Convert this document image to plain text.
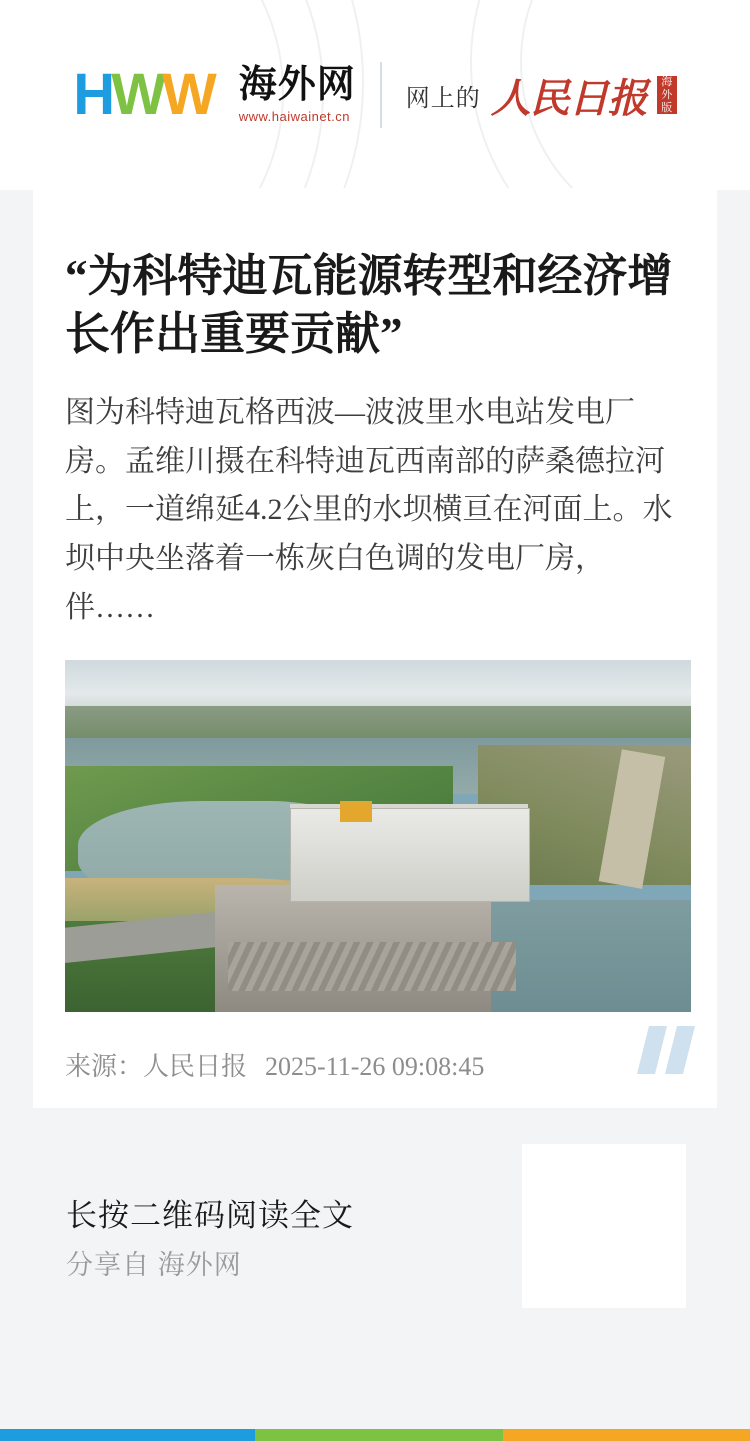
H W W 海外网
www.haiwainet.cn
网上的 人民日报 海
外
版
“为科特迪瓦能源转型和经济增长作出重要贡献”

图为科特迪瓦格西波—波波里水电站发电厂房。孟维川摄在科特迪瓦西南部的萨桑德拉河上，一道绵延4.2公里的水坝横亘在河面上。水坝中央坐落着一栋灰白色调的发电厂房，伴……

来源：人民日报 2025-11-26 09:08:45
长按二维码阅读全文
分享自 海外网
